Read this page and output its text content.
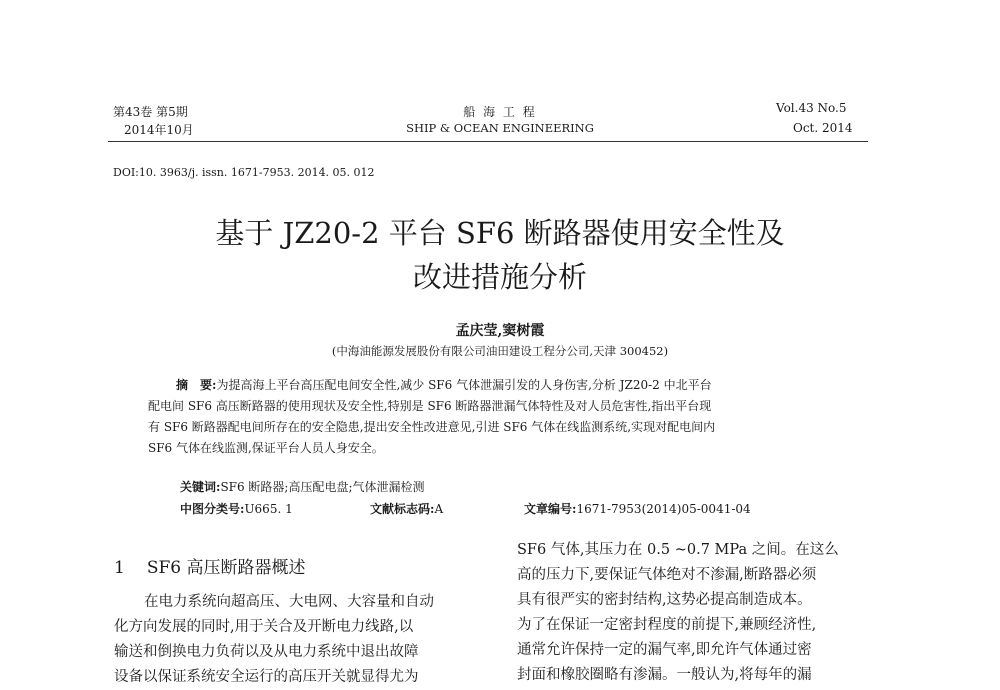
第43卷 第5期
2014年10月
船 海 工 程
SHIP & OCEAN ENGINEERING
Vol.43 No.5
Oct. 2014
DOI:10. 3963/j. issn. 1671-7953. 2014. 05. 012
基于 JZ20-2 平台 SF6 断路器使用安全性及
改进措施分析
孟庆莹,窦树霞
(中海油能源发展股份有限公司油田建设工程分公司,天津 300452)
摘　要:为提高海上平台高压配电间安全性,减少 SF6 气体泄漏引发的人身伤害,分析 JZ20-2 中北平台
配电间 SF6 高压断路器的使用现状及安全性,特别是 SF6 断路器泄漏气体特性及对人员危害性,指出平台现
有 SF6 断路器配电间所存在的安全隐患,提出安全性改进意见,引进 SF6 气体在线监测系统,实现对配电间内
SF6 气体在线监测,保证平台人员人身安全。
关键词:SF6 断路器;高压配电盘;气体泄漏检测
中图分类号:U665. 1	文献标志码:A	文章编号:1671-7953(2014)05-0041-04
1 SF6 高压断路器概述
在电力系统向超高压、大电网、大容量和自动
化方向发展的同时,用于关合及开断电力线路,以
输送和倒换电力负荷以及从电力系统中退出故障
设备以保证系统安全运行的高压开关就显得尤为
SF6 气体,其压力在 0.5 ~0.7 MPa 之间。在这么
高的压力下,要保证气体绝对不渗漏,断路器必须
具有很严实的密封结构,这势必提高制造成本。
为了在保证一定密封程度的前提下,兼顾经济性,
通常允许保持一定的漏气率,即允许气体通过密
封面和橡胶圈略有渗漏。一般认为,将每年的漏
